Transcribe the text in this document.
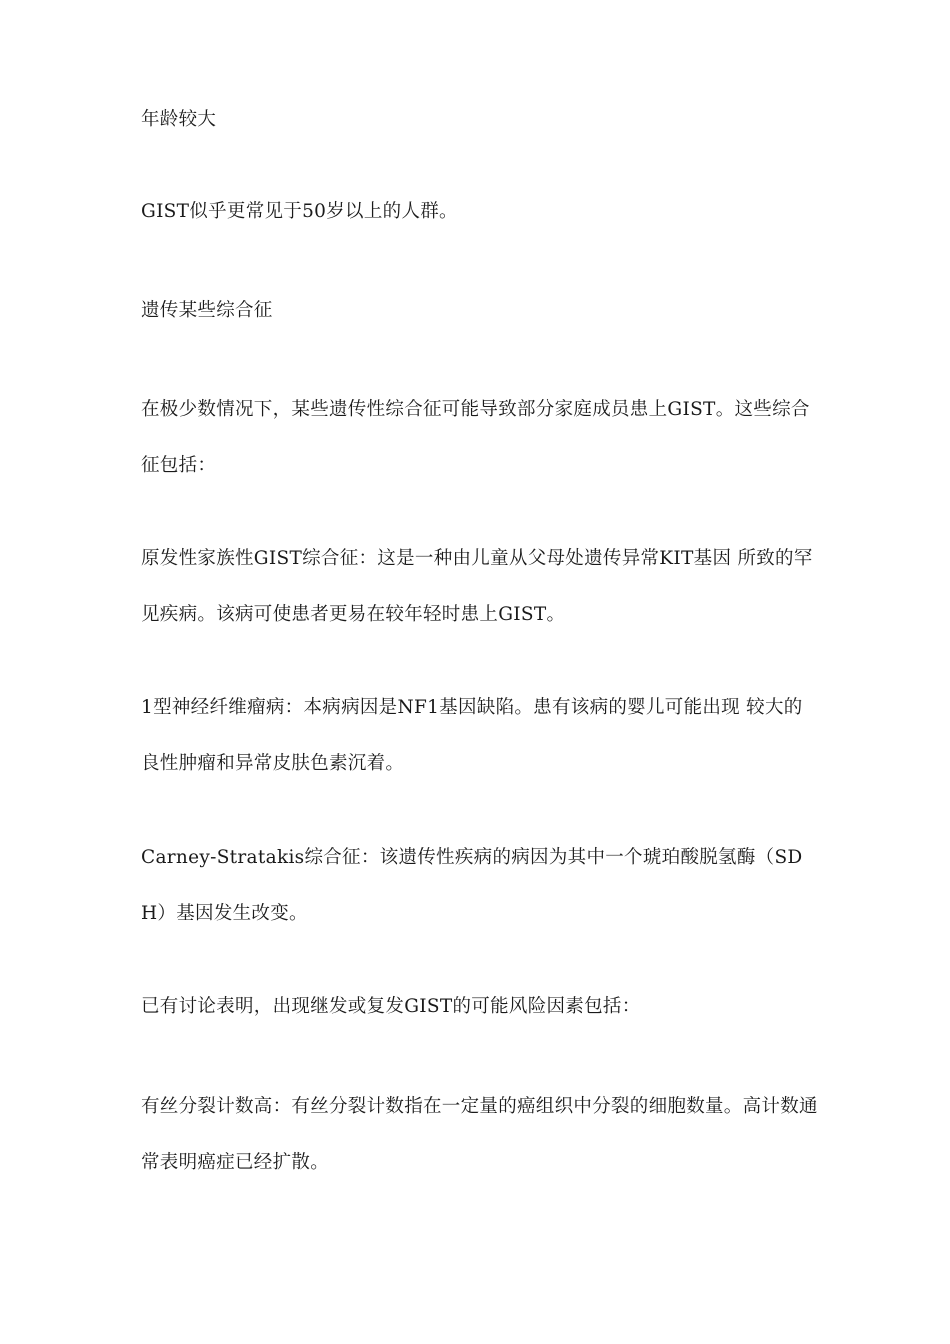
年龄较大

GIST似乎更常见于50岁以上的人群。

遗传某些综合征

在极少数情况下，某些遗传性综合征可能导致部分家庭成员患上GIST。这些综合征包括：

原发性家族性GIST综合征：这是一种由儿童从父母处遗传异常KIT基因 所致的罕见疾病。该病可使患者更易在较年轻时患上GIST。

1型神经纤维瘤病：本病病因是NF1基因缺陷。患有该病的婴儿可能出现 较大的良性肿瘤和异常皮肤色素沉着。

Carney-Stratakis综合征：该遗传性疾病的病因为其中一个琥珀酸脱氢酶（SDH）基因发生改变。

已有讨论表明，出现继发或复发GIST的可能风险因素包括：

有丝分裂计数高：有丝分裂计数指在一定量的癌组织中分裂的细胞数量。高计数通常表明癌症已经扩散。
